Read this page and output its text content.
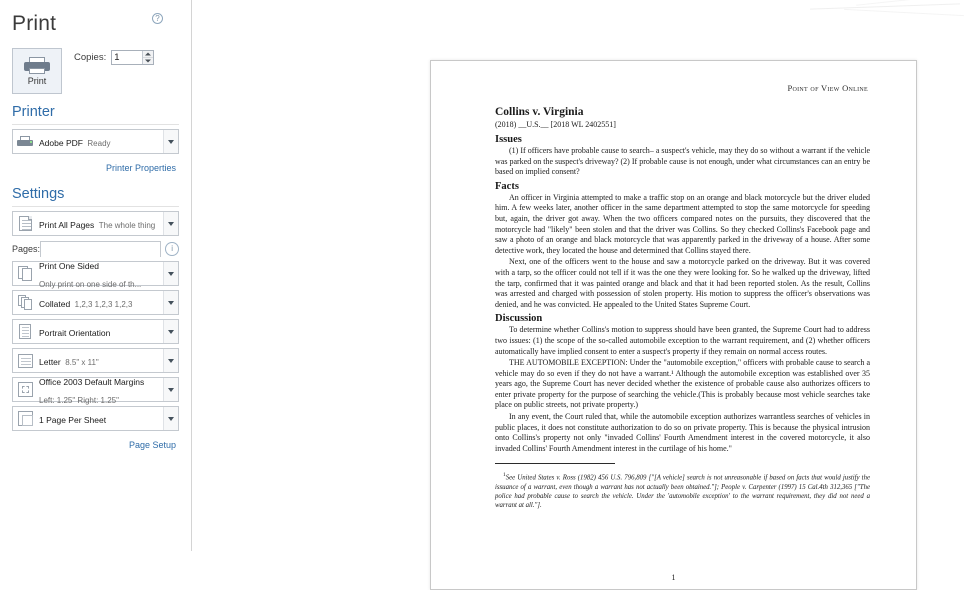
Print
Print
Copies:
1
Printer
?
Adobe PDF Ready
Printer Properties
Settings
Print All Pages The whole thing
Pages:	i
Print One Sided Only print on one side of th...
Collated 1,2,3 1,2,3 1,2,3
Portrait Orientation
Letter 8.5" x 11"
Office 2003 Default Margins Left: 1.25" Right: 1.25"
1 Page Per Sheet
Page Setup
Point of View Online
Collins v. Virginia
(2018) __U.S.__ [2018 WL 2402551]
Issues

(1) If officers have probable cause to search– a suspect's vehicle, may they do so without a warrant if the vehicle was parked on the suspect's driveway? (2) If probable cause is not enough, under what circumstances can an entry be based on implied consent?

Facts

An officer in Virginia attempted to make a traffic stop on an orange and black motorcycle but the driver eluded him. A few weeks later, another officer in the same department attempted to stop the same motorcycle for speeding but, again, the driver got away. When the two officers compared notes on the pursuits, they discovered that the motorcycle had "likely" been stolen and that the driver was Collins. So they checked Collins's Facebook page and saw a photo of an orange and black motorcycle that was apparently parked in the driveway of a house. After some detective work, they located the house and determined that Collins stayed there.

Next, one of the officers went to the house and saw a motorcycle parked on the driveway. But it was covered with a tarp, so the officer could not tell if it was the one they were looking for. So he walked up the driveway, lifted the tarp, confirmed that it was painted orange and black and that it had been reported stolen. As the result, Collins was arrested and charged with possession of stolen property. His motion to suppress the officer's observations was denied, and he was convicted. He appealed to the United States Supreme Court.

Discussion

To determine whether Collins's motion to suppress should have been granted, the Supreme Court had to address two issues: (1) the scope of the so-called automobile exception to the warrant requirement, and (2) whether officers automatically have implied consent to enter a suspect's property if they remain on normal access routes.

THE AUTOMOBILE EXCEPTION: Under the "automobile exception," officers with probable cause to search a vehicle may do so even if they do not have a warrant.¹ Although the automobile exception was established over 35 years ago, the Supreme Court has never decided whether the existence of probable cause also authorizes officers to enter private property for the purpose of searching the vehicle.(This is probably because most vehicle searches take place on public streets, not private property.)

In any event, the Court ruled that, while the automobile exception authorizes warrantless searches of vehicles in public places, it does not constitute authorization to do so on private property. This is because the physical intrusion onto Collins's property not only "invaded Collins' Fourth Amendment interest in the covered motorcycle, it also invaded Collins' Fourth Amendment interest in the curtilage of his home."

$^1$See United States v. Ross (1982) 456 U.S. 796,809 ["[A vehicle] search is not unreasonable if based on facts that would justify the issuance of a warrant, even though a warrant has not actually been obtained."]; People v. Carpenter (1997) 15 Cal.4th 312,365 ["The police had probable cause to search the vehicle. Under the 'automobile exception' to the warrant requirement, they did not need a warrant at all."].

1
